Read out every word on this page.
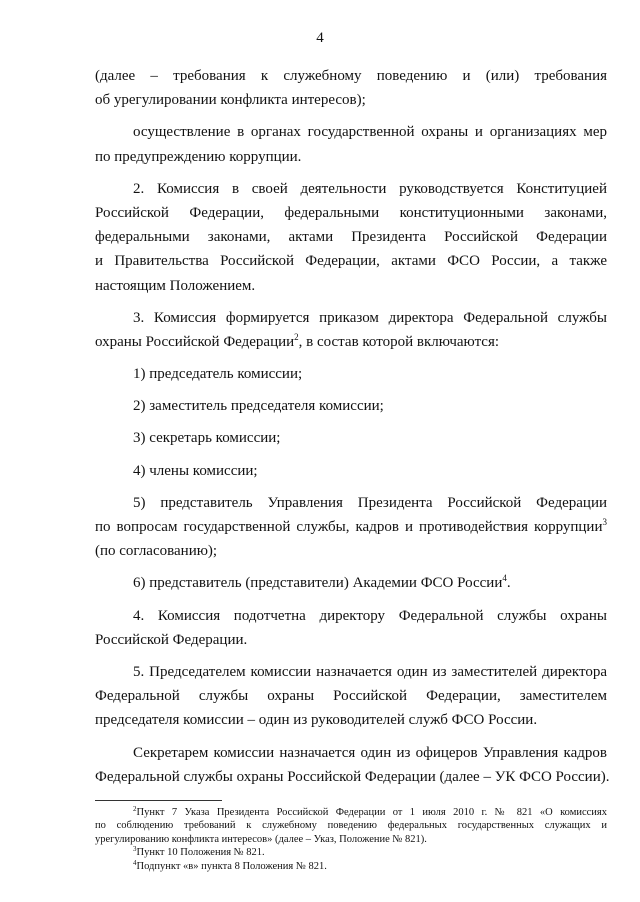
4
(далее – требования к служебному поведению и (или) требования
об урегулировании конфликта интересов);
осуществление в органах государственной охраны и организациях мер
по предупреждению коррупции.
2. Комиссия в своей деятельности руководствуется Конституцией
Российской Федерации, федеральными конституционными законами,
федеральными законами, актами Президента Российской Федерации
и Правительства Российской Федерации, актами ФСО России, а также
настоящим Положением.
3. Комиссия формируется приказом директора Федеральной службы
охраны Российской Федерации$^2$, в состав которой включаются:
1) председатель комиссии;
2) заместитель председателя комиссии;
3) секретарь комиссии;
4) члены комиссии;
5) представитель Управления Президента Российской Федерации
по вопросам государственной службы, кадров и противодействия коррупции$^3$
(по согласованию);
6) представитель (представители) Академии ФСО России$^4$.
4. Комиссия подотчетна директору Федеральной службы охраны
Российской Федерации.
5. Председателем комиссии назначается один из заместителей директора
Федеральной службы охраны Российской Федерации, заместителем
председателя комиссии – один из руководителей служб ФСО России.
Секретарем комиссии назначается один из офицеров Управления кадров
Федеральной службы охраны Российской Федерации (далее – УК ФСО России).
$^2$Пункт 7 Указа Президента Российской Федерации от 1 июля 2010 г. № 821 «О комиссиях
по соблюдению требований к служебному поведению федеральных государственных служащих и
урегулированию конфликта интересов» (далее – Указ, Положение № 821).
$^3$Пункт 10 Положения № 821.
$^4$Подпункт «в» пункта 8 Положения № 821.
